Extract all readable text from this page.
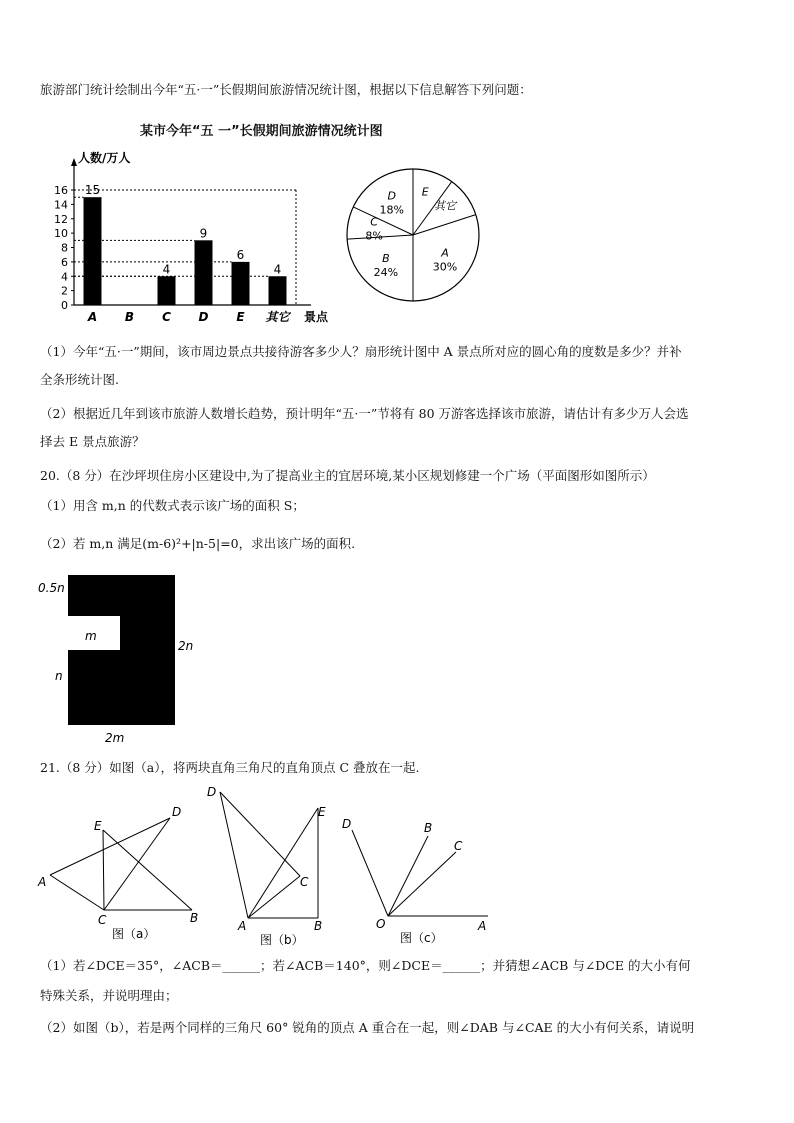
旅游部门统计绘制出今年“五·一”长假期间旅游情况统计图，根据以下信息解答下列问题：
某市今年“五 一”长假期间旅游情况统计图
人数/万人
景点
0
2
4
6
8
10
12
14
16 15
A B
4
C
9
D
6
E
4
其它
E
其它
A
30%
B
24%
C
8%
D
18%
（1）今年“五·一”期间，该市周边景点共接待游客多少人？扇形统计图中 A 景点所对应的圆心角的度数是多少？并补
全条形统计图.
（2）根据近几年到该市旅游人数增长趋势，预计明年“五·一”节将有 80 万游客选择该市旅游，请估计有多少万人会选
择去 E 景点旅游？
20.（8 分）在沙坪坝住房小区建设中,为了提高业主的宜居环境,某小区规划修建一个广场（平面图形如图所示）
（1）用含 m,n 的代数式表示该广场的面积 S；
（2）若 m,n 满足(m-6)²+|n-5|=0，求出该广场的面积.
0.5n
m
2n
n
2m
21.（8 分）如图（a），将两块直角三角尺的直角顶点 C 叠放在一起.
A
E
D
C	B
图（a）
D
E
C
A	B
图（b）
D	B
C
O	A
图（c）
（1）若∠DCE＝35°，∠ACB＝______；若∠ACB＝140°，则∠DCE＝______；并猜想∠ACB 与∠DCE 的大小有何
特殊关系，并说明理由；
（2）如图（b），若是两个同样的三角尺 60° 锐角的顶点 A 重合在一起，则∠DAB 与∠CAE 的大小有何关系，请说明
